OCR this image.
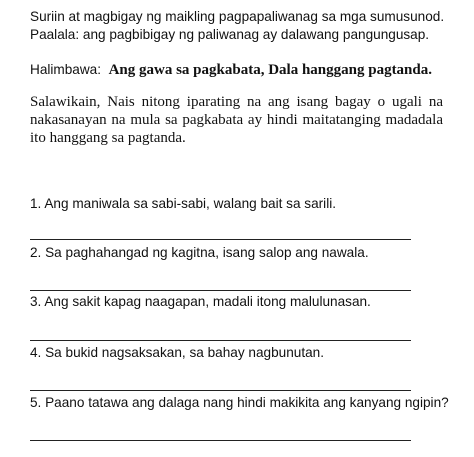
Suriin at magbigay ng maikling pagpapaliwanag sa mga sumusunod.
Paalala: ang pagbibigay ng paliwanag ay dalawang pangungusap.
Halimbawa: Ang gawa sa pagkabata, Dala hanggang pagtanda.
Salawikain, Nais nitong iparating na ang isang bagay o ugali na nakasanayan na mula sa pagkabata ay hindi maitatanging madadala ito hanggang sa pagtanda.
1. Ang maniwala sa sabi-sabi, walang bait sa sarili.
2. Sa paghahangad ng kagitna, isang salop ang nawala.
3. Ang sakit kapag naagapan, madali itong malulunasan.
4. Sa bukid nagsaksakan, sa bahay nagbunutan.
5. Paano tatawa ang dalaga nang hindi makikita ang kanyang ngipin?
